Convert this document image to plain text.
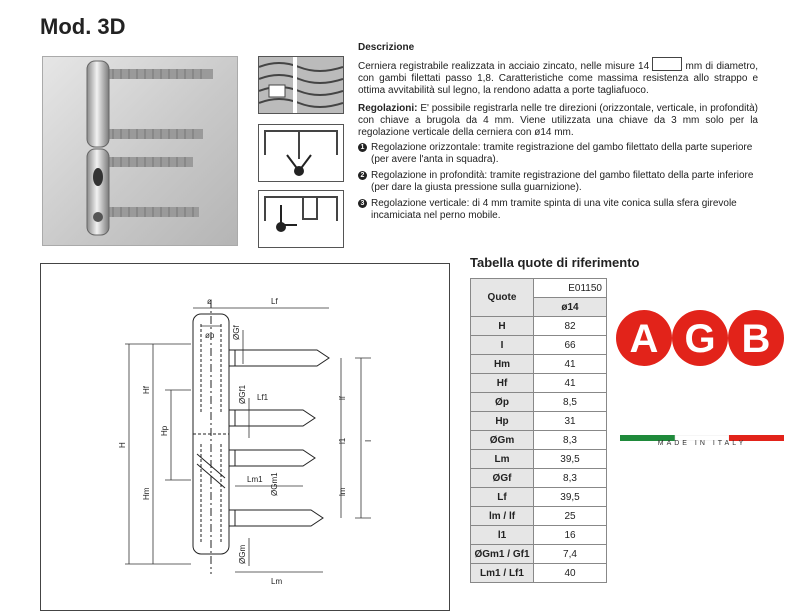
Mod. 3D

Descrizione

Cerniera registrabile realizzata in acciaio zincato, nelle misure 14	mm di diametro, con gambi filettati passo 1,8. Caratteristiche come massima resistenza allo strappo e ottima avvitabilità sul legno, la rendono adatta a porte tagliafuoco.

Regolazioni: E' possibile registrarla nelle tre direzioni (orizzontale, verticale, in profondità) con chiave a brugola da 4 mm. Viene utilizzata una chiave da 3 mm solo per la regolazione verticale della cerniera con ø14 mm.

1 Regolazione orizzontale: tramite registrazione del gambo filettato della parte superiore (per avere l'anta in squadra).
2 Regolazione in profondità: tramite registrazione del gambo filettato della parte inferiore (per dare la giusta pressione sulla guarnizione).
3 Regolazione verticale: di 4 mm tramite spinta di una vite conica sulla sfera girevole incamiciata nel perno mobile.
ø	Lf
øp ØGf
ØGf1 Lf1
Hf
Hp
H
Hm
Lm1 ØGm1
ØGm
Lm
I
lf
l1
lm
Tabella quote di riferimento
Quote	E01150
	ø14
H	82
I	66
Hm	41
Hf	41
Øp	8,5
Hp	31
ØGm	8,3
Lm	39,5
ØGf	8,3
Lf	39,5
lm / lf	25
l1	16
ØGm1 / Gf1	7,4
Lm1 / Lf1	40
A G B
MADE IN ITALY
